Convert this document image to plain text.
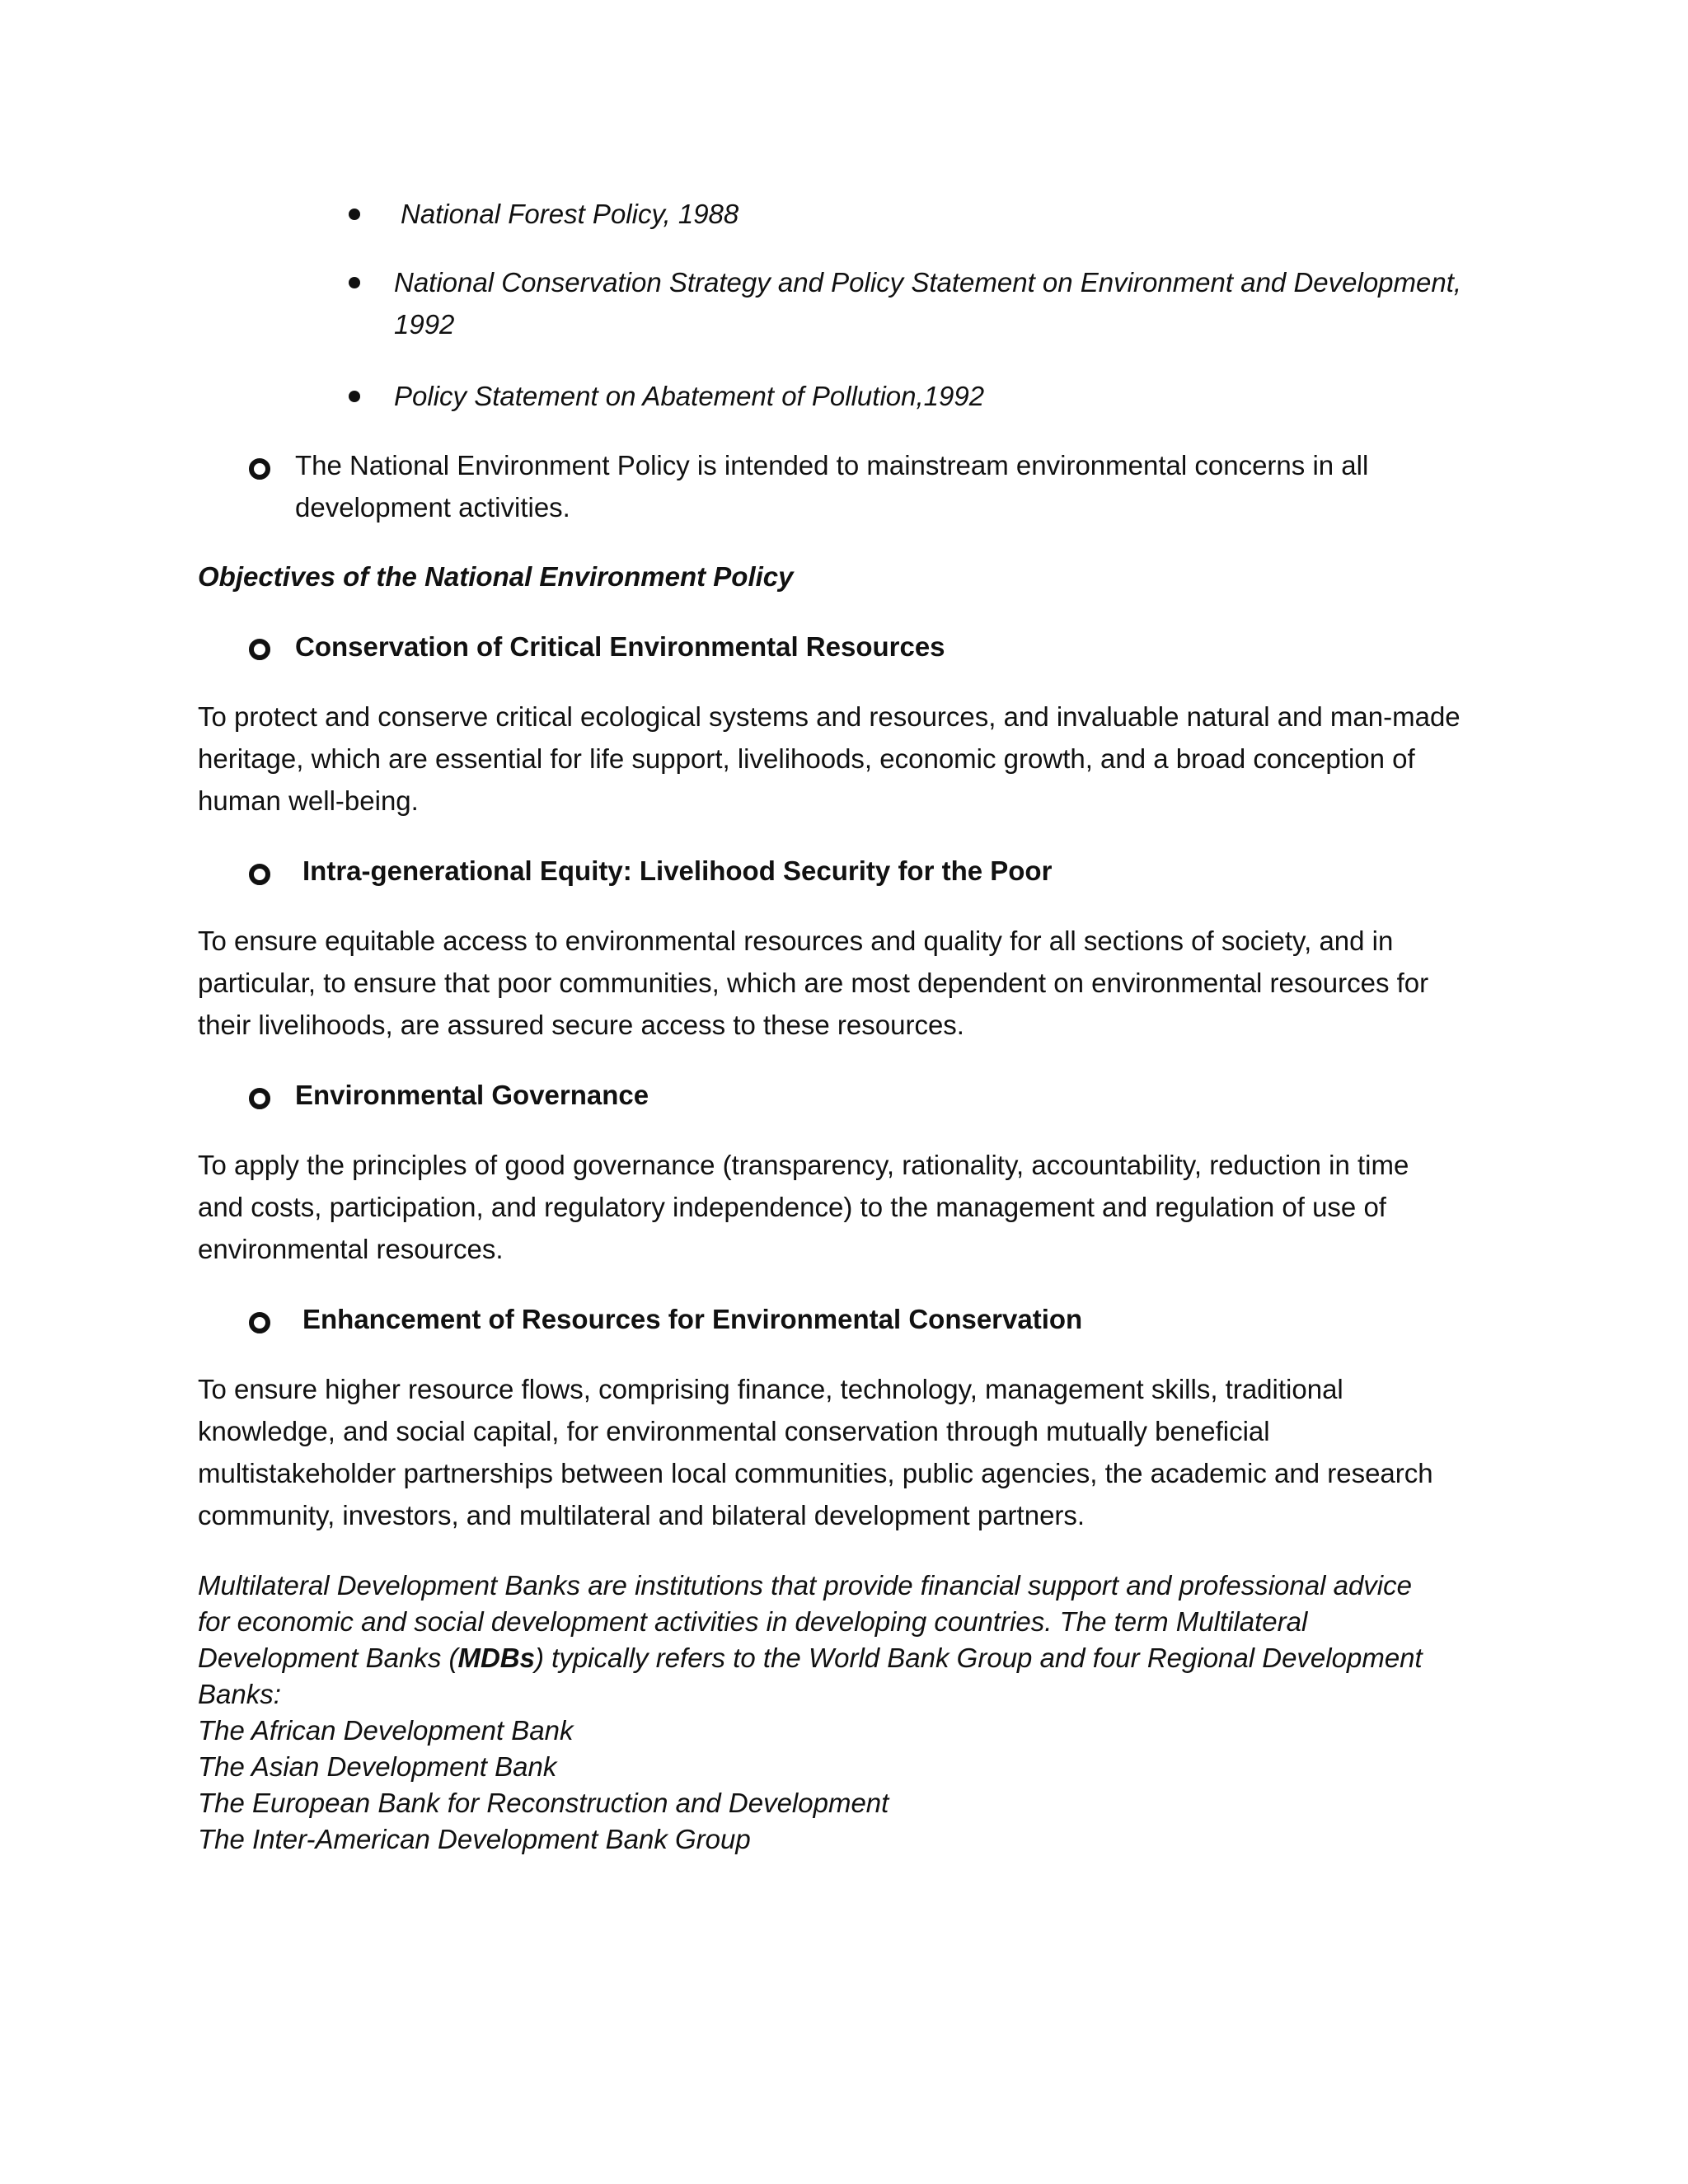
National Forest Policy, 1988
National Conservation Strategy and Policy Statement on Environment and Development,
1992
Policy Statement on Abatement of Pollution,1992
The National Environment Policy is intended to mainstream environmental concerns in all
development activities.
Objectives of the National Environment Policy
Conservation of Critical Environmental Resources
To protect and conserve critical ecological systems and resources, and invaluable natural and man-made
heritage, which are essential for life support, livelihoods, economic growth, and a broad conception of
human well-being.
Intra-generational Equity: Livelihood Security for the Poor
To ensure equitable access to environmental resources and quality for all sections of society, and in
particular, to ensure that poor communities, which are most dependent on environmental resources for
their livelihoods, are assured secure access to these resources.
Environmental Governance
To apply the principles of good governance (transparency, rationality, accountability, reduction in time
and costs, participation, and regulatory independence) to the management and regulation of use of
environmental resources.
Enhancement of Resources for Environmental Conservation
To ensure higher resource flows, comprising finance, technology, management skills, traditional
knowledge, and social capital, for environmental conservation through mutually beneficial
multistakeholder partnerships between local communities, public agencies, the academic and research
community, investors, and multilateral and bilateral development partners.
Multilateral Development Banks are institutions that provide financial support and professional advice
for economic and social development activities in developing countries. The term Multilateral
Development Banks (MDBs) typically refers to the World Bank Group and four Regional Development
Banks:
The African Development Bank
The Asian Development Bank
The European Bank for Reconstruction and Development
The Inter-American Development Bank Group
